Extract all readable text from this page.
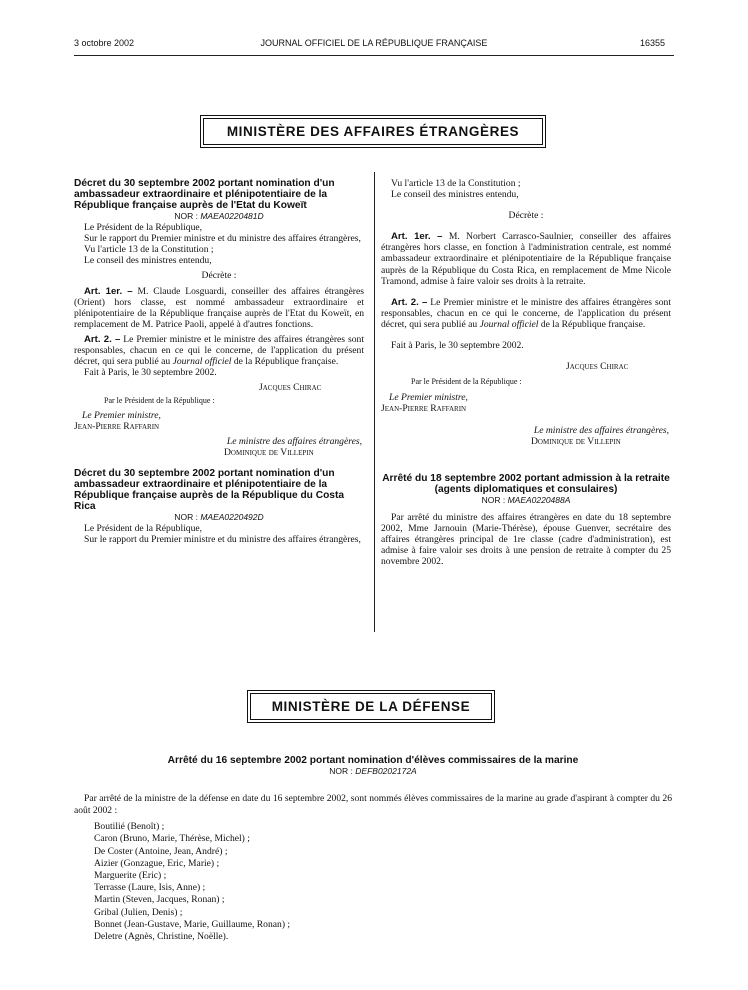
JOURNAL OFFICIEL DE LA RÉPUBLIQUE FRANÇAISE
3 octobre 2002	16355
MINISTÈRE DES AFFAIRES ÉTRANGÈRES

Décret du 30 septembre 2002 portant nomination d'un ambassadeur extraordinaire et plénipotentiaire de la République française auprès de l'Etat du Koweït

NOR : MAEA0220481D

Le Président de la République,

Sur le rapport du Premier ministre et du ministre des affaires étrangères,

Vu l'article 13 de la Constitution ;

Le conseil des ministres entendu,

Décrète :

Art. 1er. – M. Claude Losguardi, conseiller des affaires étrangères (Orient) hors classe, est nommé ambassadeur extraordinaire et plénipotentiaire de la République française auprès de l'Etat du Koweït, en remplacement de M. Patrice Paoli, appelé à d'autres fonctions.

Art. 2. – Le Premier ministre et le ministre des affaires étrangères sont responsables, chacun en ce qui le concerne, de l'application du présent décret, qui sera publié au Journal officiel de la République française.

Fait à Paris, le 30 septembre 2002.

Jacques Chirac

Par le Président de la République :

Le Premier ministre,

Jean-Pierre Raffarin

Le ministre des affaires étrangères,

Dominique de Villepin

Décret du 30 septembre 2002 portant nomination d'un ambassadeur extraordinaire et plénipotentiaire de la République française auprès de la République du Costa Rica

NOR : MAEA0220492D

Le Président de la République,

Sur le rapport du Premier ministre et du ministre des affaires étrangères,

Vu l'article 13 de la Constitution ;

Le conseil des ministres entendu,

Décrète :

Art. 1er. – M. Norbert Carrasco-Saulnier, conseiller des affaires étrangères hors classe, en fonction à l'administration centrale, est nommé ambassadeur extraordinaire et plénipotentiaire de la République française auprès de la République du Costa Rica, en remplacement de Mme Nicole Tramond, admise à faire valoir ses droits à la retraite.

Art. 2. – Le Premier ministre et le ministre des affaires étrangères sont responsables, chacun en ce qui le concerne, de l'application du présent décret, qui sera publié au Journal officiel de la République française.

Fait à Paris, le 30 septembre 2002.

Jacques Chirac

Par le Président de la République :

Le Premier ministre,

Jean-Pierre Raffarin

Le ministre des affaires étrangères,

Dominique de Villepin

Arrêté du 18 septembre 2002 portant admission à la retraite (agents diplomatiques et consulaires)

NOR : MAEA0220488A

Par arrêté du ministre des affaires étrangères en date du 18 septembre 2002, Mme Jarnouin (Marie-Thérèse), épouse Guenver, secrétaire des affaires étrangères principal de 1re classe (cadre d'administration), est admise à faire valoir ses droits à une pension de retraite à compter du 25 novembre 2002.

MINISTÈRE DE LA DÉFENSE

Arrêté du 16 septembre 2002 portant nomination d'élèves commissaires de la marine

NOR : DEFB0202172A

Par arrêté de la ministre de la défense en date du 16 septembre 2002, sont nommés élèves commissaires de la marine au grade d'aspirant à compter du 26 août 2002 :

Boutilié (Benoît) ;

Caron (Bruno, Marie, Thérèse, Michel) ;

De Coster (Antoine, Jean, André) ;

Aizier (Gonzague, Eric, Marie) ;

Marguerite (Eric) ;

Terrasse (Laure, Isis, Anne) ;

Martin (Steven, Jacques, Ronan) ;

Gribal (Julien, Denis) ;

Bonnet (Jean-Gustave, Marie, Guillaume, Ronan) ;

Deletre (Agnès, Christine, Noëlle).
